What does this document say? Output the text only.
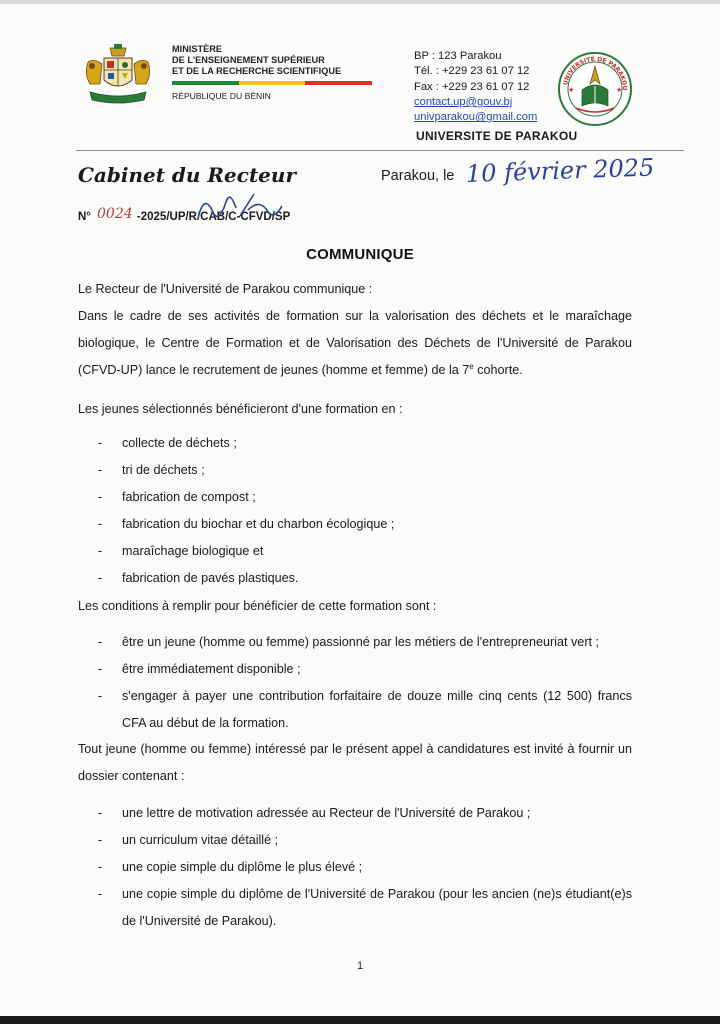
MINISTÈRE
DE L'ENSEIGNEMENT SUPÉRIEUR
ET DE LA RECHERCHE SCIENTIFIQUE
RÉPUBLIQUE DU BÉNIN
BP : 123 Parakou
Tél. : +229 23 61 07 12
Fax : +229 23 61 07 12
contact.up@gouv.bj
univparakou@gmail.com
UNIVERSITÉ DE PARAKOU
★	★
UNIVERSITE DE PARAKOU
Cabinet du Recteur	Parakou, le 10 février 2025
N°	-2025/UP/R/CAB/C-CFVD/SP
0024
COMMUNIQUE
Le Recteur de l'Université de Parakou communique :
Dans le cadre de ses activités de formation sur la valorisation des déchets et le maraîchage biologique, le Centre de Formation et de Valorisation des Déchets de l'Université de Parakou (CFVD-UP) lance le recrutement de jeunes (homme et femme) de la 7e cohorte.
Les jeunes sélectionnés bénéficieront d'une formation en :
- collecte de déchets ;
- tri de déchets ;
- fabrication de compost ;
- fabrication du biochar et du charbon écologique ;
- maraîchage biologique et
- fabrication de pavés plastiques.
Les conditions à remplir pour bénéficier de cette formation sont :
- être un jeune (homme ou femme) passionné par les métiers de l'entrepreneuriat vert ;
- être immédiatement disponible ;
- s'engager à payer une contribution forfaitaire de douze mille cinq cents (12 500) francs CFA au début de la formation.
Tout jeune (homme ou femme) intéressé par le présent appel à candidatures est invité à fournir un dossier contenant :
- une lettre de motivation adressée au Recteur de l'Université de Parakou ;
- un curriculum vitae détaillé ;
- une copie simple du diplôme le plus élevé ;
- une copie simple du diplôme de l'Université de Parakou (pour les ancien (ne)s étudiant(e)s de l'Université de Parakou).
1
